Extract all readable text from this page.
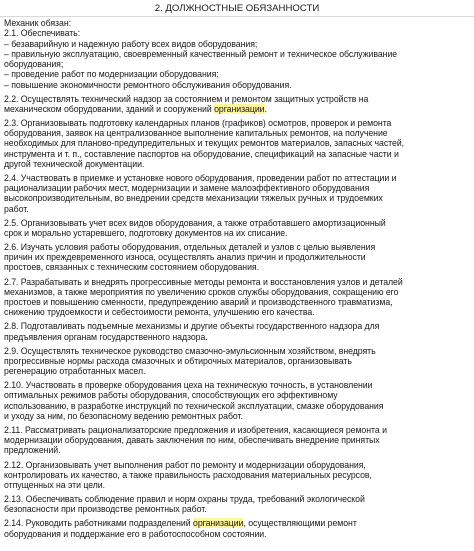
2. ДОЛЖНОСТНЫЕ ОБЯЗАННОСТИ
Механик обязан:
2.1. Обеспечивать:
– безаварийную и надежную работу всех видов оборудования;
– правильную эксплуатацию, своевременный качественный ремонт и техническое обслуживание
оборудования;
– проведение работ по модернизации оборудования;
– повышение экономичности ремонтного обслуживания оборудования.
2.2. Осуществлять технический надзор за состоянием и ремонтом защитных устройств на
механическом оборудовании, зданий и сооружений организации.
2.3. Организовывать подготовку календарных планов (графиков) осмотров, проверок и ремонта
оборудования, заявок на централизованное выполнение капитальных ремонтов, на получение
необходимых для планово-предупредительных и текущих ремонтов материалов, запасных частей,
инструмента и т. п., составление паспортов на оборудование, спецификаций на запасные части и
другой технической документации.
2.4. Участвовать в приемке и установке нового оборудования, проведении работ по аттестации и
рационализации рабочих мест, модернизации и замене малоэффективного оборудования
высокопроизводительным, во внедрении средств механизации тяжелых ручных и трудоемких
работ.
2.5. Организовывать учет всех видов оборудования, а также отработавшего амортизационный
срок и морально устаревшего, подготовку документов на их списание.
2.6. Изучать условия работы оборудования, отдельных деталей и узлов с целью выявления
причин их преждевременного износа, осуществлять анализ причин и продолжительности
простоев, связанных с техническим состоянием оборудования.
2.7. Разрабатывать и внедрять прогрессивные методы ремонта и восстановления узлов и деталей
механизмов, а также мероприятия по увеличению сроков службы оборудования, сокращению его
простоев и повышению сменности, предупреждению аварий и производственного травматизма,
снижению трудоемкости и себестоимости ремонта, улучшению его качества.
2.8. Подготавливать подъемные механизмы и другие объекты государственного надзора для
предъявления органам государственного надзора.
2.9. Осуществлять техническое руководство смазочно-эмульсионным хозяйством, внедрять
прогрессивные нормы расхода смазочных и обтирочных материалов, организовывать
регенерацию отработанных масел.
2.10. Участвовать в проверке оборудования цеха на техническую точность, в установлении
оптимальных режимов работы оборудования, способствующих его эффективному
использованию, в разработке инструкций по технической эксплуатации, смазке оборудования
и уходу за ним, по безопасному ведению ремонтных работ.
2.11. Рассматривать рационализаторские предложения и изобретения, касающиеся ремонта и
модернизации оборудования, давать заключения по ним, обеспечивать внедрение принятых
предложений.
2.12. Организовывать учет выполнения работ по ремонту и модернизации оборудования,
контролировать их качество, а также правильность расходования материальных ресурсов,
отпущенных на эти цели.
2.13. Обеспечивать соблюдение правил и норм охраны труда, требований экологической
безопасности при производстве ремонтных работ.
2.14. Руководить работниками подразделений организации, осуществляющими ремонт
оборудования и поддержание его в работоспособном состоянии.
